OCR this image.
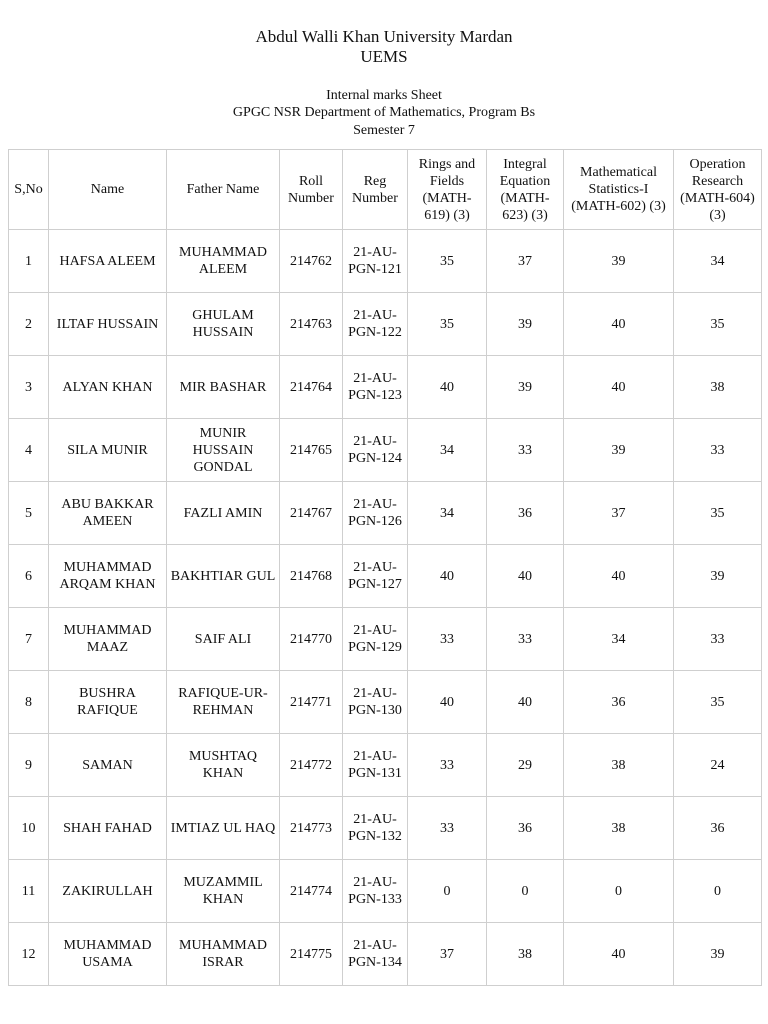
Abdul Walli Khan University Mardan
UEMS
Internal marks Sheet
GPGC NSR Department of Mathematics, Program Bs
Semester 7
S,No	Name	Father Name	Roll Number	Reg Number	Rings and Fields (MATH-619) (3)	Integral Equation (MATH-623) (3)	Mathematical Statistics-I (MATH-602) (3)	Operation Research (MATH-604) (3)
1	HAFSA ALEEM	MUHAMMAD ALEEM	214762	21-AU-PGN-121	35	37	39	34
2	ILTAF HUSSAIN	GHULAM HUSSAIN	214763	21-AU-PGN-122	35	39	40	35
3	ALYAN KHAN	MIR BASHAR	214764	21-AU-PGN-123	40	39	40	38
4	SILA MUNIR	MUNIR HUSSAIN GONDAL	214765	21-AU-PGN-124	34	33	39	33
5	ABU BAKKAR AMEEN	FAZLI AMIN	214767	21-AU-PGN-126	34	36	37	35
6	MUHAMMAD ARQAM KHAN	BAKHTIAR GUL	214768	21-AU-PGN-127	40	40	40	39
7	MUHAMMAD MAAZ	SAIF ALI	214770	21-AU-PGN-129	33	33	34	33
8	BUSHRA RAFIQUE	RAFIQUE-UR-REHMAN	214771	21-AU-PGN-130	40	40	36	35
9	SAMAN	MUSHTAQ KHAN	214772	21-AU-PGN-131	33	29	38	24
10	SHAH FAHAD	IMTIAZ UL HAQ	214773	21-AU-PGN-132	33	36	38	36
11	ZAKIRULLAH	MUZAMMIL KHAN	214774	21-AU-PGN-133	0	0	0	0
12	MUHAMMAD USAMA	MUHAMMAD ISRAR	214775	21-AU-PGN-134	37	38	40	39
